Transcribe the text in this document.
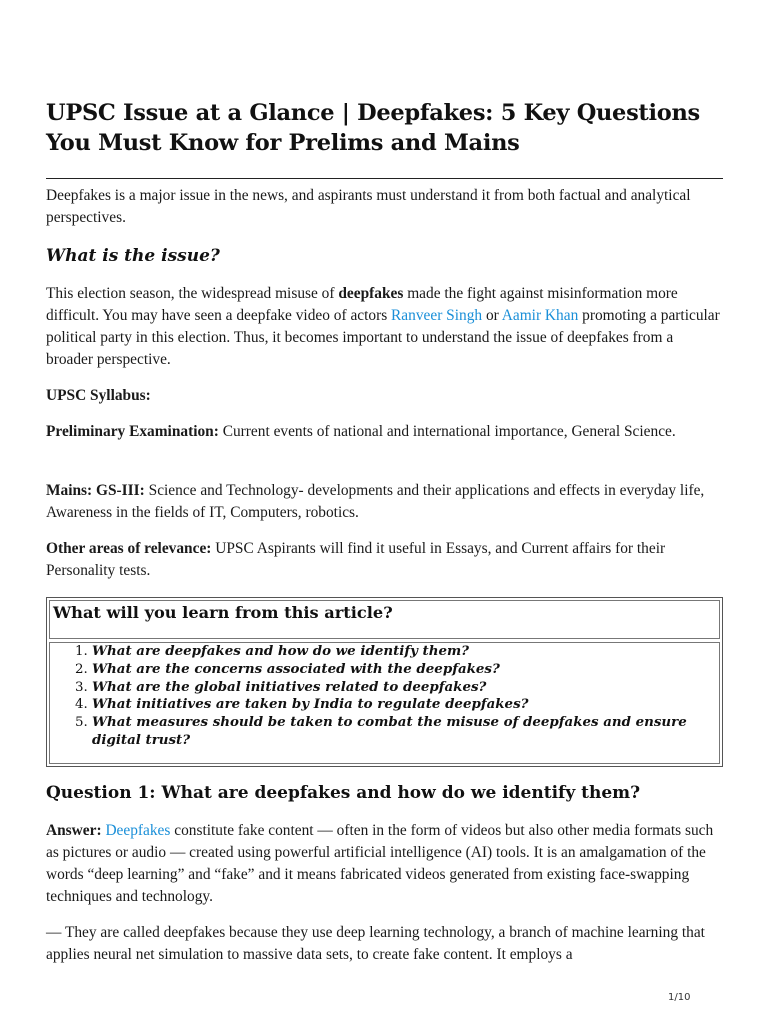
UPSC Issue at a Glance | Deepfakes: 5 Key Questions You Must Know for Prelims and Mains

Deepfakes is a major issue in the news, and aspirants must understand it from both factual and analytical perspectives.

What is the issue?

This election season, the widespread misuse of deepfakes made the fight against misinformation more difficult. You may have seen a deepfake video of actors Ranveer Singh or Aamir Khan promoting a particular political party in this election. Thus, it becomes important to understand the issue of deepfakes from a broader perspective.

UPSC Syllabus:

Preliminary Examination: Current events of national and international importance, General Science.

Mains: GS-III: Science and Technology- developments and their applications and effects in everyday life, Awareness in the fields of IT, Computers, robotics.

Other areas of relevance: UPSC Aspirants will find it useful in Essays, and Current affairs for their Personality tests.

What will you learn from this article?
1. What are deepfakes and how do we identify them?
2. What are the concerns associated with the deepfakes?
3. What are the global initiatives related to deepfakes?
4. What initiatives are taken by India to regulate deepfakes?
5. What measures should be taken to combat the misuse of deepfakes and ensure digital trust?
Question 1: What are deepfakes and how do we identify them?

Answer: Deepfakes constitute fake content — often in the form of videos but also other media formats such as pictures or audio — created using powerful artificial intelligence (AI) tools. It is an amalgamation of the words “deep learning” and “fake” and it means fabricated videos generated from existing face-swapping techniques and technology.

— They are called deepfakes because they use deep learning technology, a branch of machine learning that applies neural net simulation to massive data sets, to create fake content. It employs a

1/10
